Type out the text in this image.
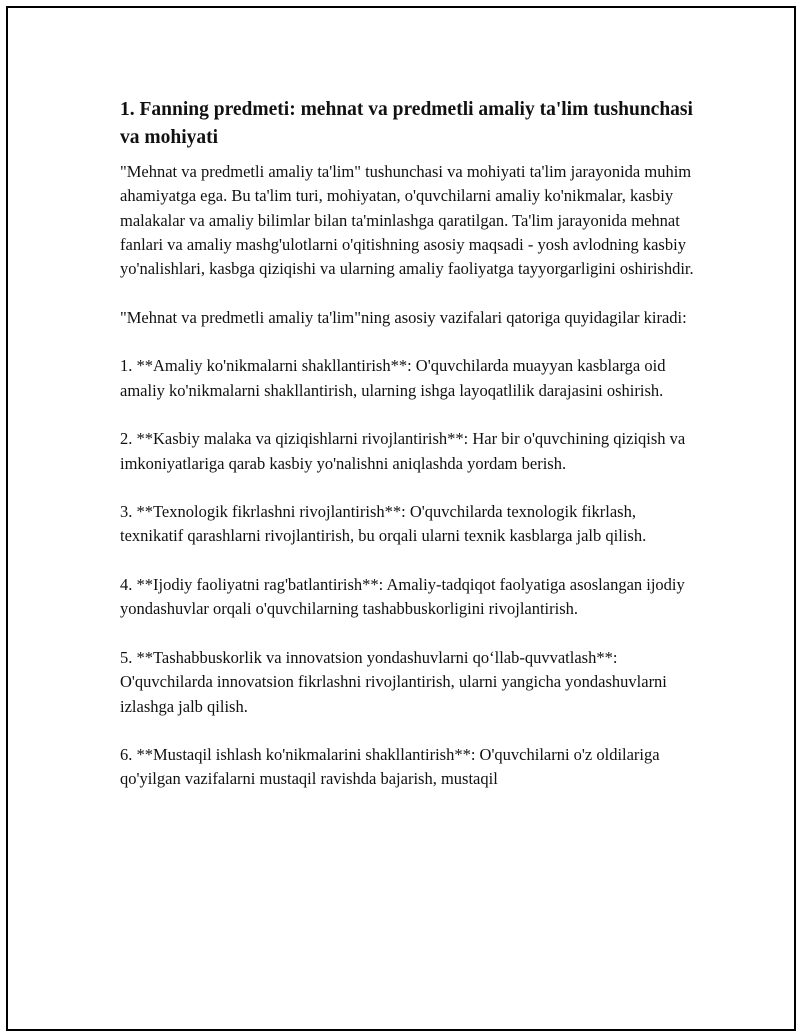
1. Fanning predmeti: mehnat va predmetli amaliy ta'lim tushunchasi va mohiyati

"Mehnat va predmetli amaliy ta'lim" tushunchasi va mohiyati ta'lim jarayonida muhim ahamiyatga ega. Bu ta'lim turi, mohiyatan, o'quvchilarni amaliy ko'nikmalar, kasbiy malakalar va amaliy bilimlar bilan ta'minlashga qaratilgan. Ta'lim jarayonida mehnat fanlari va amaliy mashg'ulotlarni o'qitishning asosiy maqsadi - yosh avlodning kasbiy yo'nalishlari, kasbga qiziqishi va ularning amaliy faoliyatga tayyorgarligini oshirishdir.

"Mehnat va predmetli amaliy ta'lim"ning asosiy vazifalari qatoriga quyidagilar kiradi:

1. **Amaliy ko'nikmalarni shakllantirish**: O'quvchilarda muayyan kasblarga oid amaliy ko'nikmalarni shakllantirish, ularning ishga layoqatlilik darajasini oshirish.

2. **Kasbiy malaka va qiziqishlarni rivojlantirish**: Har bir o'quvchining qiziqish va imkoniyatlariga qarab kasbiy yo'nalishni aniqlashda yordam berish.

3. **Texnologik fikrlashni rivojlantirish**: O'quvchilarda texnologik fikrlash, texnikatif qarashlarni rivojlantirish, bu orqali ularni texnik kasblarga jalb qilish.

4. **Ijodiy faoliyatni rag'batlantirish**: Amaliy-tadqiqot faolyatiga asoslangan ijodiy yondashuvlar orqali o'quvchilarning tashabbuskorligini rivojlantirish.

5. **Tashabbuskorlik va innovatsion yondashuvlarni qo‘llab-quvvatlash**: O'quvchilarda innovatsion fikrlashni rivojlantirish, ularni yangicha yondashuvlarni izlashga jalb qilish.

6. **Mustaqil ishlash ko'nikmalarini shakllantirish**: O'quvchilarni o'z oldilariga qo'yilgan vazifalarni mustaqil ravishda bajarish, mustaqil
